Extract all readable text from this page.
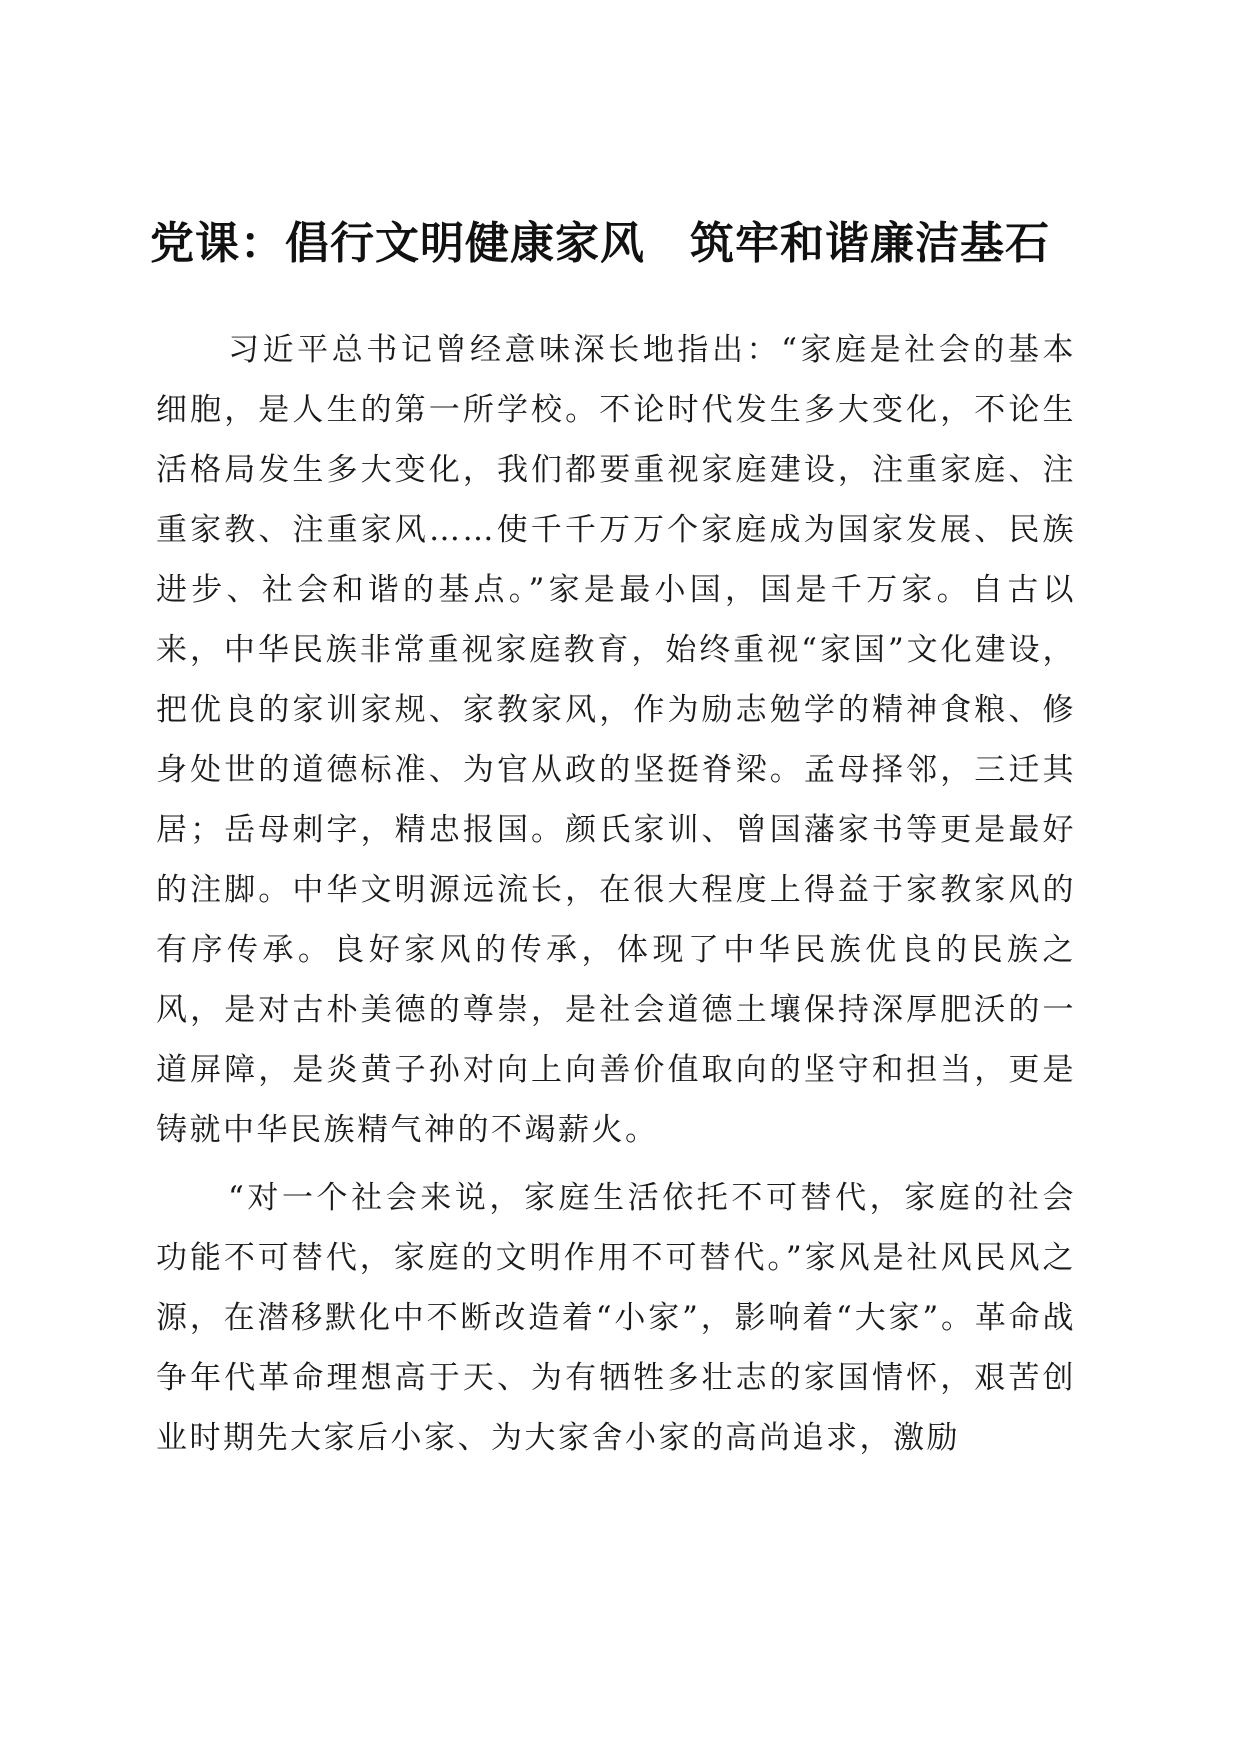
党课：倡行文明健康家风　筑牢和谐廉洁基石

习近平总书记曾经意味深长地指出：“家庭是社会的基本细胞，是人生的第一所学校。不论时代发生多大变化，不论生活格局发生多大变化，我们都要重视家庭建设，注重家庭、注重家教、注重家风……使千千万万个家庭成为国家发展、民族进步、社会和谐的基点。”家是最小国，国是千万家。自古以来，中华民族非常重视家庭教育，始终重视“家国”文化建设，把优良的家训家规、家教家风，作为励志勉学的精神食粮、修身处世的道德标准、为官从政的坚挺脊梁。孟母择邻，三迁其居；岳母刺字，精忠报国。颜氏家训、曾国藩家书等更是最好的注脚。中华文明源远流长，在很大程度上得益于家教家风的有序传承。良好家风的传承，体现了中华民族优良的民族之风，是对古朴美德的尊崇，是社会道德土壤保持深厚肥沃的一道屏障，是炎黄子孙对向上向善价值取向的坚守和担当，更是铸就中华民族精气神的不竭薪火。

“对一个社会来说，家庭生活依托不可替代，家庭的社会功能不可替代，家庭的文明作用不可替代。”家风是社风民风之源，在潜移默化中不断改造着“小家”，影响着“大家”。革命战争年代革命理想高于天、为有牺牲多壮志的家国情怀，艰苦创业时期先大家后小家、为大家舍小家的高尚追求，激励
